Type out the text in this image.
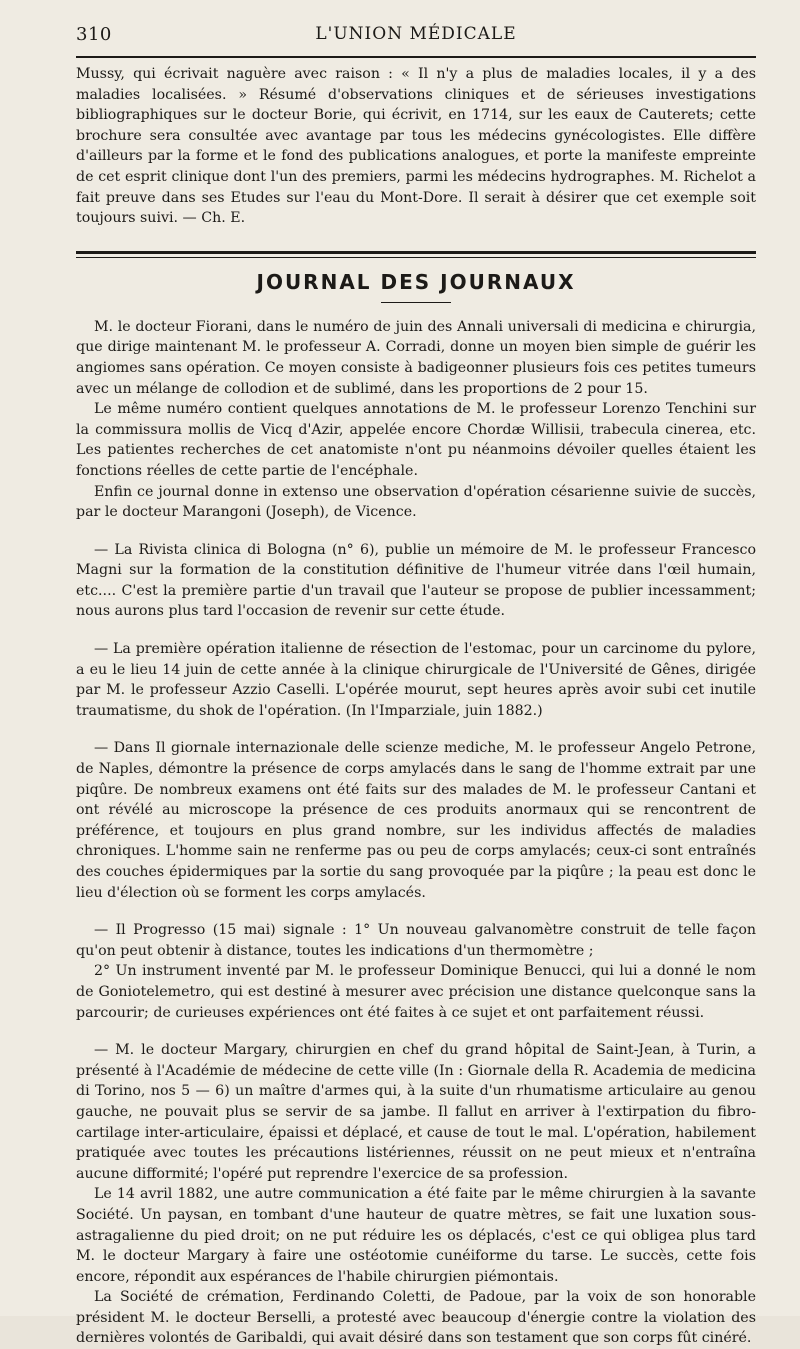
310	L'UNION MÉDICALE

Mussy, qui écrivait naguère avec raison : « Il n'y a plus de maladies locales, il y a des maladies localisées. » Résumé d'observations cliniques et de sérieuses investigations bibliographiques sur le docteur Borie, qui écrivit, en 1714, sur les eaux de Cauterets; cette brochure sera consultée avec avantage par tous les médecins gynécologistes. Elle diffère d'ailleurs par la forme et le fond des publications analogues, et porte la manifeste empreinte de cet esprit clinique dont l'un des premiers, parmi les médecins hydrographes. M. Richelot a fait preuve dans ses Etudes sur l'eau du Mont-Dore. Il serait à désirer que cet exemple soit toujours suivi. — Ch. E.

JOURNAL DES JOURNAUX

M. le docteur Fiorani, dans le numéro de juin des Annali universali di medicina e chirurgia, que dirige maintenant M. le professeur A. Corradi, donne un moyen bien simple de guérir les angiomes sans opération. Ce moyen consiste à badigeonner plusieurs fois ces petites tumeurs avec un mélange de collodion et de sublimé, dans les proportions de 2 pour 15.

Le même numéro contient quelques annotations de M. le professeur Lorenzo Tenchini sur la commissura mollis de Vicq d'Azir, appelée encore Chordæ Willisii, trabecula cinerea, etc. Les patientes recherches de cet anatomiste n'ont pu néanmoins dévoiler quelles étaient les fonctions réelles de cette partie de l'encéphale.

Enfin ce journal donne in extenso une observation d'opération césarienne suivie de succès, par le docteur Marangoni (Joseph), de Vicence.

— La Rivista clinica di Bologna (n° 6), publie un mémoire de M. le professeur Francesco Magni sur la formation de la constitution définitive de l'humeur vitrée dans l'œil humain, etc.... C'est la première partie d'un travail que l'auteur se propose de publier incessamment; nous aurons plus tard l'occasion de revenir sur cette étude.

— La première opération italienne de résection de l'estomac, pour un carcinome du pylore, a eu le lieu 14 juin de cette année à la clinique chirurgicale de l'Université de Gênes, dirigée par M. le professeur Azzio Caselli. L'opérée mourut, sept heures après avoir subi cet inutile traumatisme, du shok de l'opération. (In l'Imparziale, juin 1882.)

— Dans Il giornale internazionale delle scienze mediche, M. le professeur Angelo Petrone, de Naples, démontre la présence de corps amylacés dans le sang de l'homme extrait par une piqûre. De nombreux examens ont été faits sur des malades de M. le professeur Cantani et ont révélé au microscope la présence de ces produits anormaux qui se rencontrent de préférence, et toujours en plus grand nombre, sur les individus affectés de maladies chroniques. L'homme sain ne renferme pas ou peu de corps amylacés; ceux-ci sont entraînés des couches épidermiques par la sortie du sang provoquée par la piqûre ; la peau est donc le lieu d'élection où se forment les corps amylacés.

— Il Progresso (15 mai) signale : 1° Un nouveau galvanomètre construit de telle façon qu'on peut obtenir à distance, toutes les indications d'un thermomètre ;

2° Un instrument inventé par M. le professeur Dominique Benucci, qui lui a donné le nom de Goniotelemetro, qui est destiné à mesurer avec précision une distance quelconque sans la parcourir; de curieuses expériences ont été faites à ce sujet et ont parfaitement réussi.

— M. le docteur Margary, chirurgien en chef du grand hôpital de Saint-Jean, à Turin, a présenté à l'Académie de médecine de cette ville (In : Giornale della R. Academia de medicina di Torino, nos 5 — 6) un maître d'armes qui, à la suite d'un rhumatisme articulaire au genou gauche, ne pouvait plus se servir de sa jambe. Il fallut en arriver à l'extirpation du fibro-cartilage inter-articulaire, épaissi et déplacé, et cause de tout le mal. L'opération, habilement pratiquée avec toutes les précautions listériennes, réussit on ne peut mieux et n'entraîna aucune difformité; l'opéré put reprendre l'exercice de sa profession.

Le 14 avril 1882, une autre communication a été faite par le même chirurgien à la savante Société. Un paysan, en tombant d'une hauteur de quatre mètres, se fait une luxation sous-astragalienne du pied droit; on ne put réduire les os déplacés, c'est ce qui obligea plus tard M. le docteur Margary à faire une ostéotomie cunéiforme du tarse. Le succès, cette fois encore, répondit aux espérances de l'habile chirurgien piémontais.

La Société de crémation, Ferdinando Coletti, de Padoue, par la voix de son honorable président M. le docteur Berselli, a protesté avec beaucoup d'énergie contre la violation des dernières volontés de Garibaldi, qui avait désiré dans son testament que son corps fût cinéré.
